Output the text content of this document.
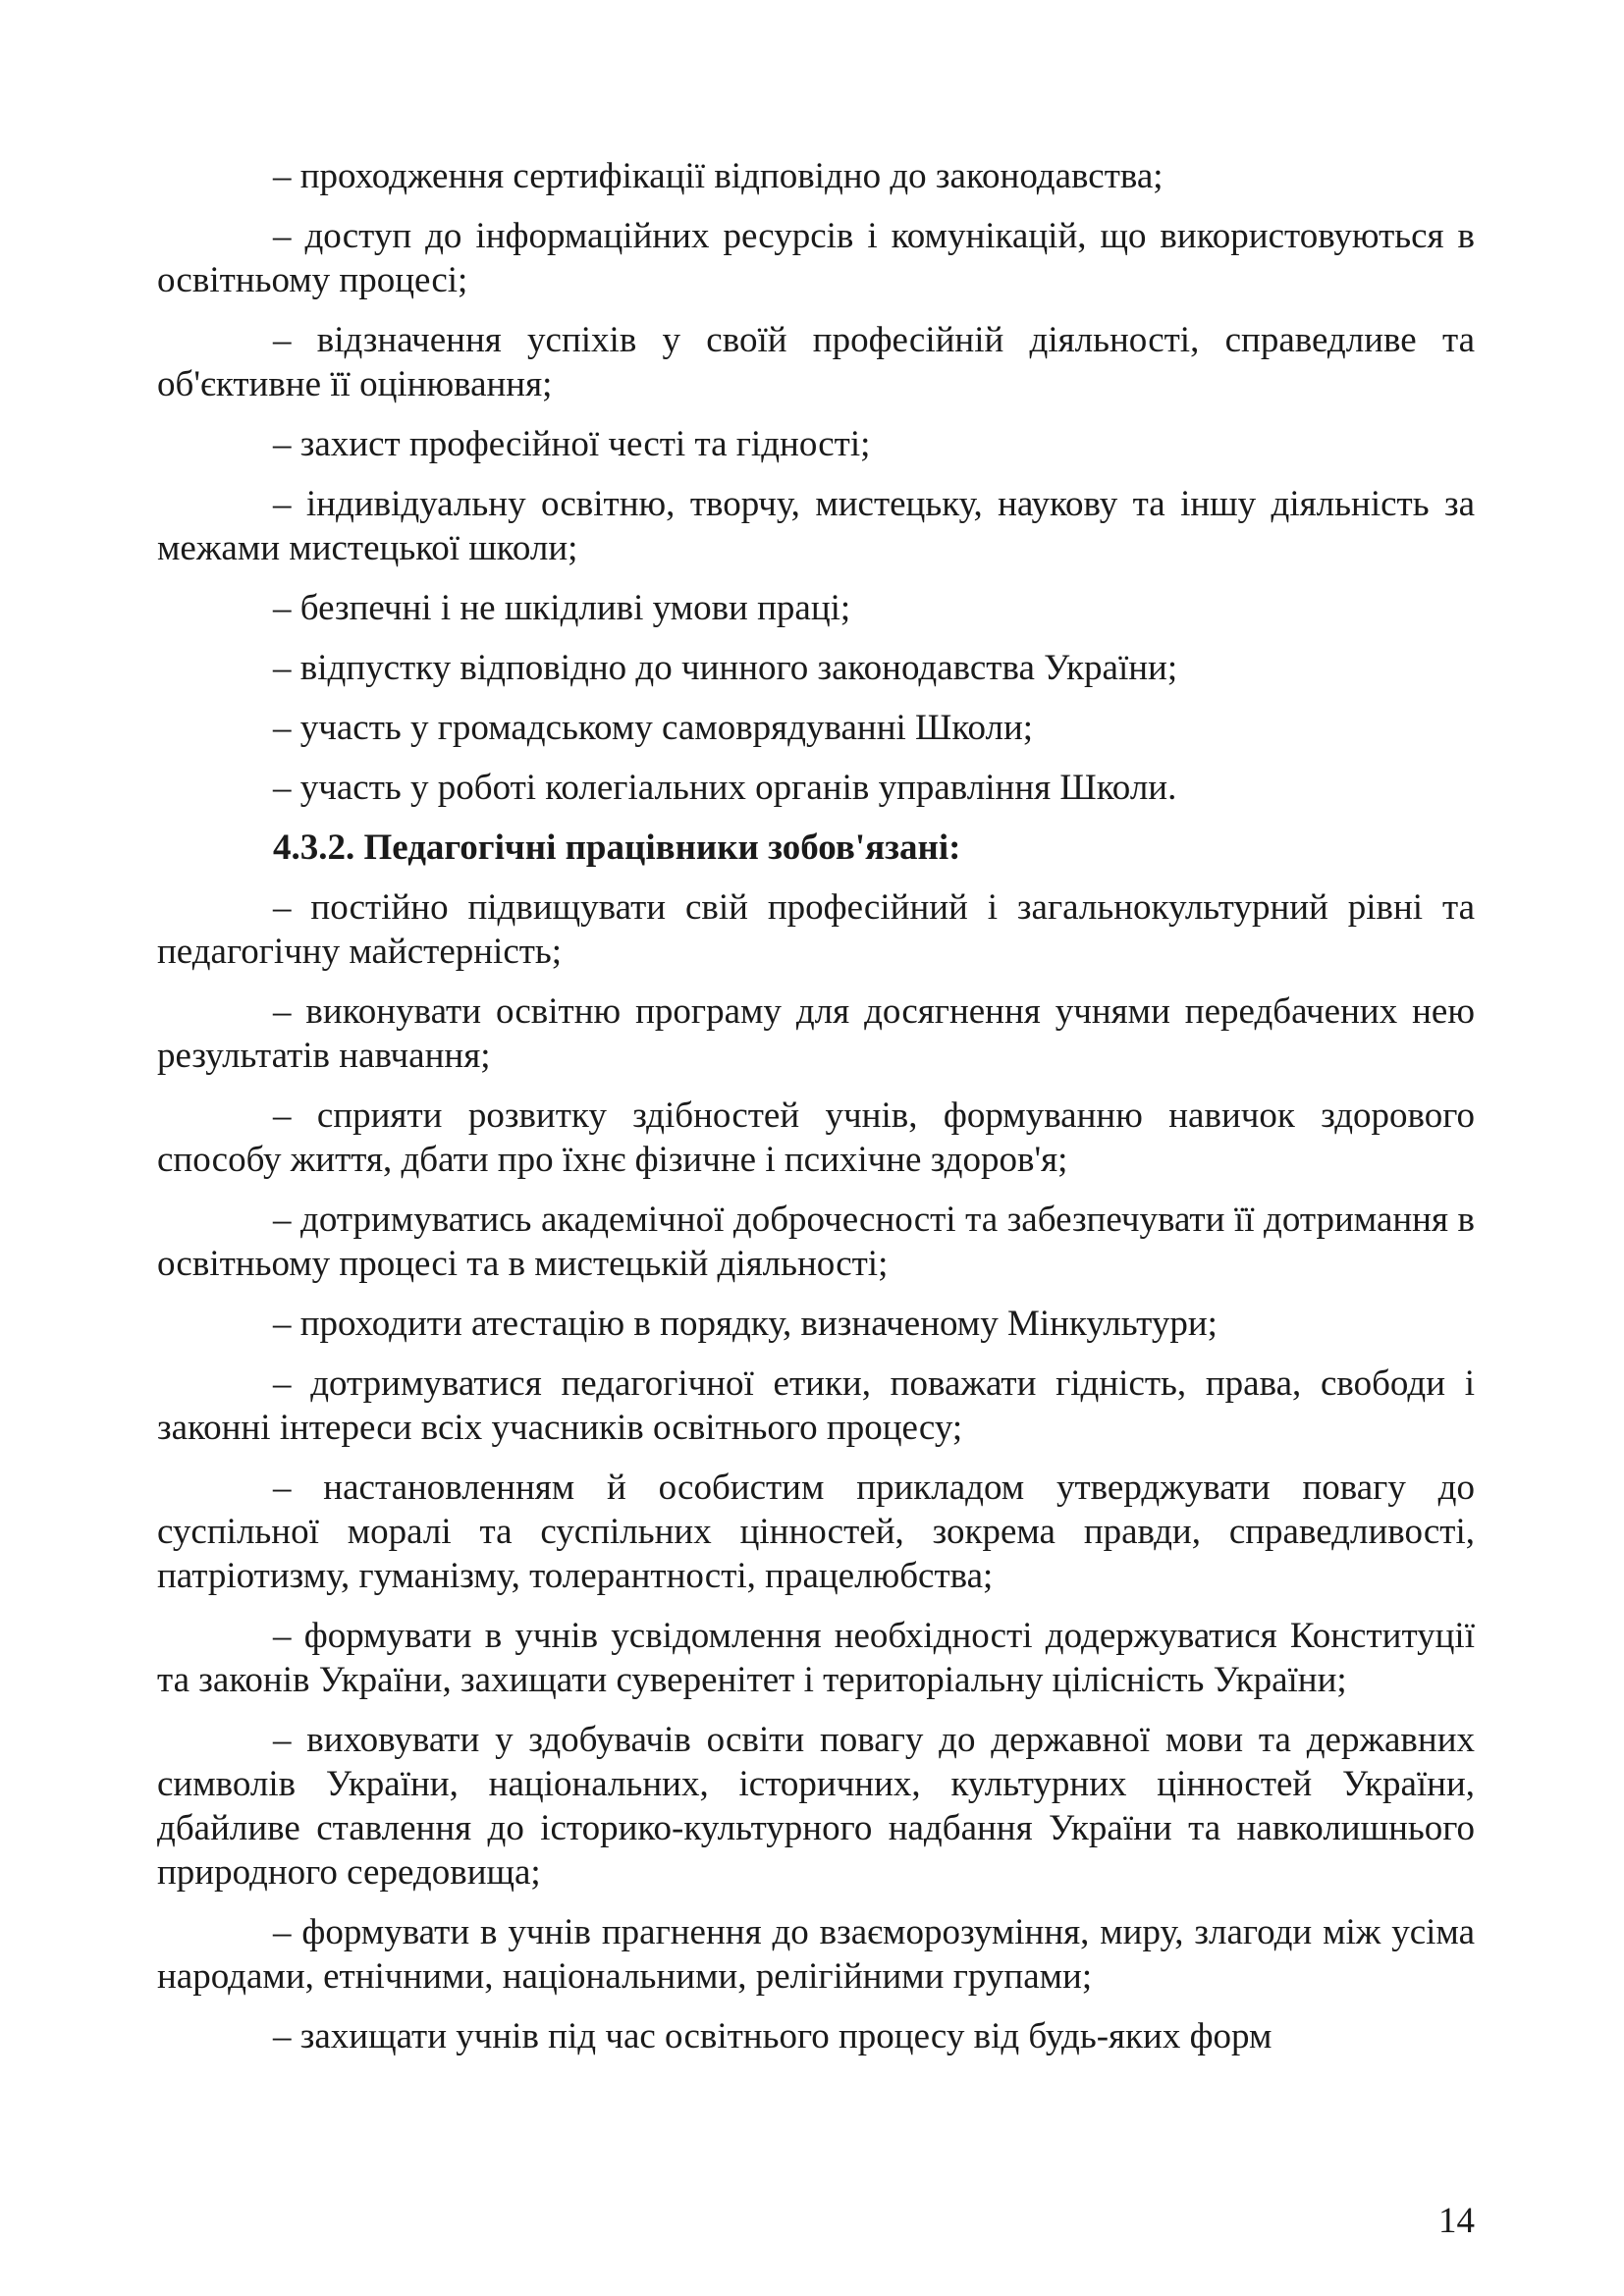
– проходження сертифікації відповідно до законодавства;

– доступ до інформаційних ресурсів і комунікацій, що використовуються в освітньому процесі;

– відзначення успіхів у своїй професійній діяльності, справедливе та об'єктивне її оцінювання;

– захист професійної честі та гідності;

– індивідуальну освітню, творчу, мистецьку, наукову та іншу діяльність за межами мистецької школи;

– безпечні і не шкідливі умови праці;

– відпустку відповідно до чинного законодавства України;

– участь у громадському самоврядуванні Школи;

– участь у роботі колегіальних органів управління Школи.

4.3.2. Педагогічні працівники зобов'язані:

– постійно підвищувати свій професійний і загальнокультурний рівні та педагогічну майстерність;

– виконувати освітню програму для досягнення учнями передбачених нею результатів навчання;

– сприяти розвитку здібностей учнів, формуванню навичок здорового способу життя, дбати про їхнє фізичне і психічне здоров'я;

– дотримуватись академічної доброчесності та забезпечувати її дотримання в освітньому процесі та в мистецькій діяльності;

– проходити атестацію в порядку, визначеному Мінкультури;

– дотримуватися педагогічної етики, поважати гідність, права, свободи і законні інтереси всіх учасників освітнього процесу;

– настановленням й особистим прикладом утверджувати повагу до суспільної моралі та суспільних цінностей, зокрема правди, справедливості, патріотизму, гуманізму, толерантності, працелюбства;

– формувати в учнів усвідомлення необхідності додержуватися Конституції та законів України, захищати суверенітет і територіальну цілісність України;

– виховувати у здобувачів освіти повагу до державної мови та державних символів України, національних, історичних, культурних цінностей України, дбайливе ставлення до історико-культурного надбання України та навколишнього природного середовища;

– формувати в учнів прагнення до взаєморозуміння, миру, злагоди між усіма народами, етнічними, національними, релігійними групами;

– захищати учнів під час освітнього процесу від будь-яких форм

14
